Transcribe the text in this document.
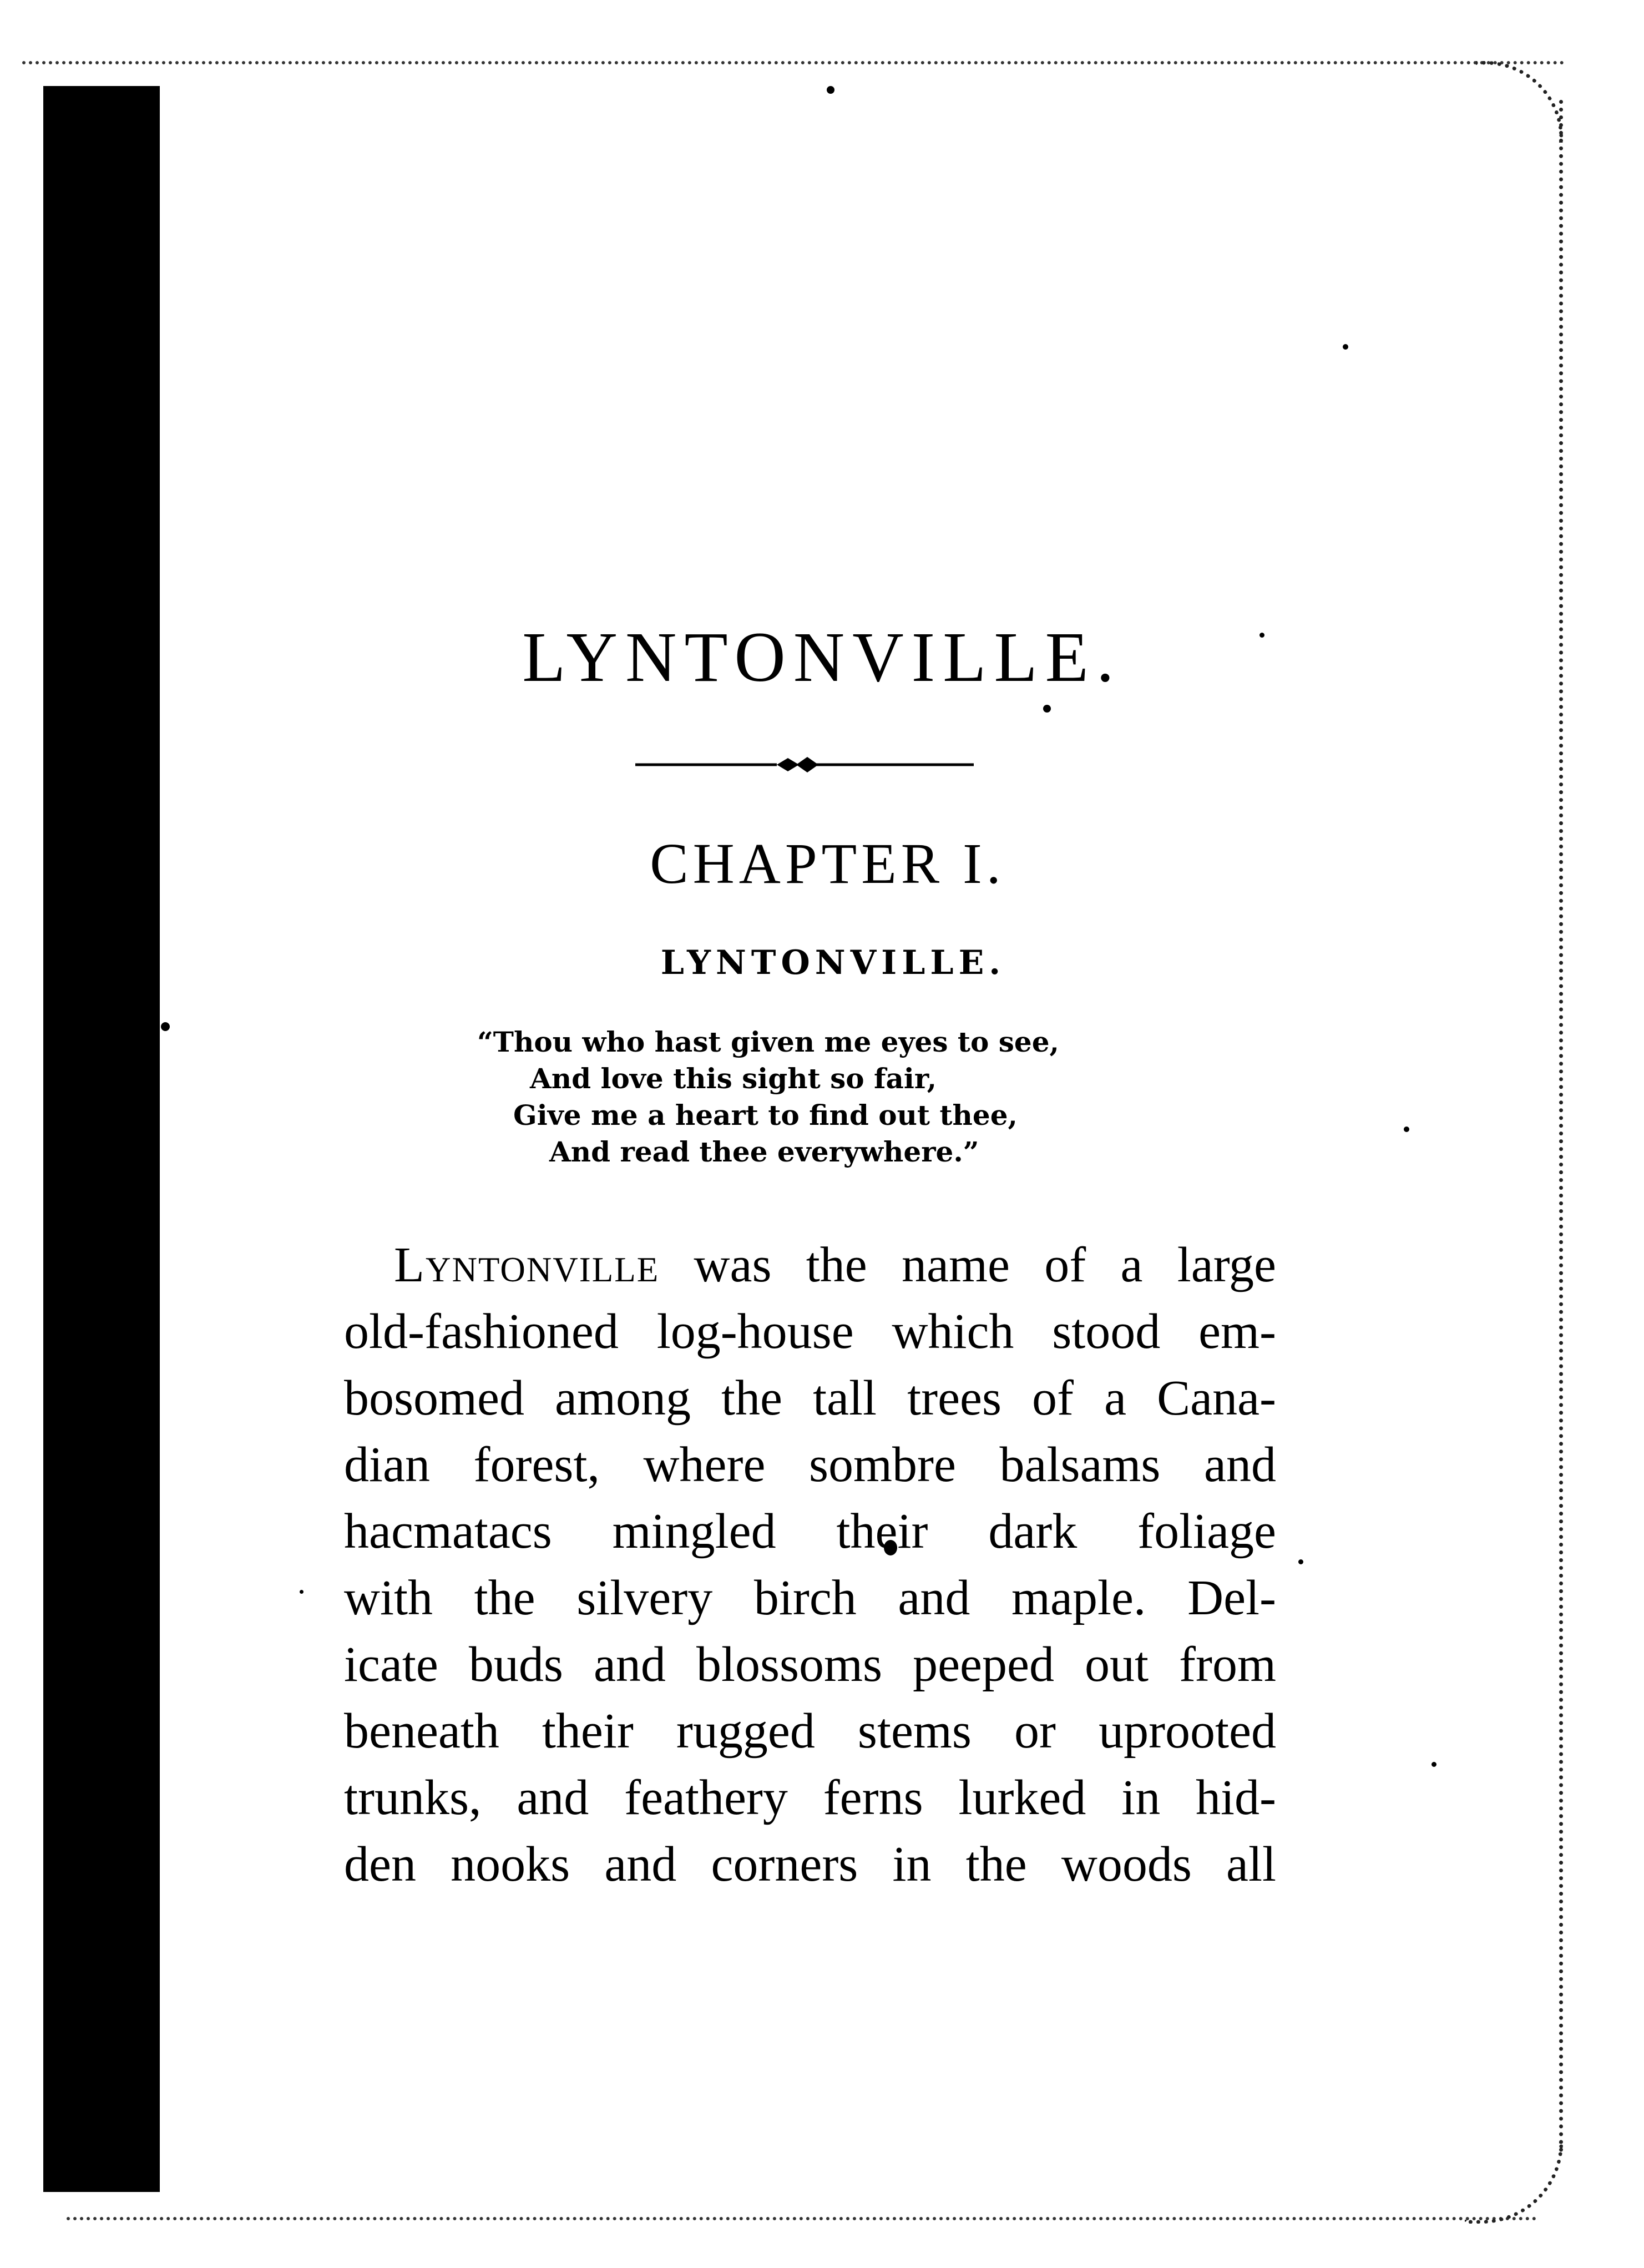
LYNTONVILLE.
CHAPTER I.
LYNTONVILLE.
“Thou who hast given me eyes to see,
And love this sight so fair,
Give me a heart to find out thee,
And read thee everywhere.”
Lyntonville was the name of a large
old-fashioned log-house which stood em-
bosomed among the tall trees of a Cana-
dian forest, where sombre balsams and
hacmatacs mingled their dark foliage
with the silvery birch and maple. Del-
icate buds and blossoms peeped out from
beneath their rugged stems or uprooted
trunks, and feathery ferns lurked in hid-
den nooks and corners in the woods all
